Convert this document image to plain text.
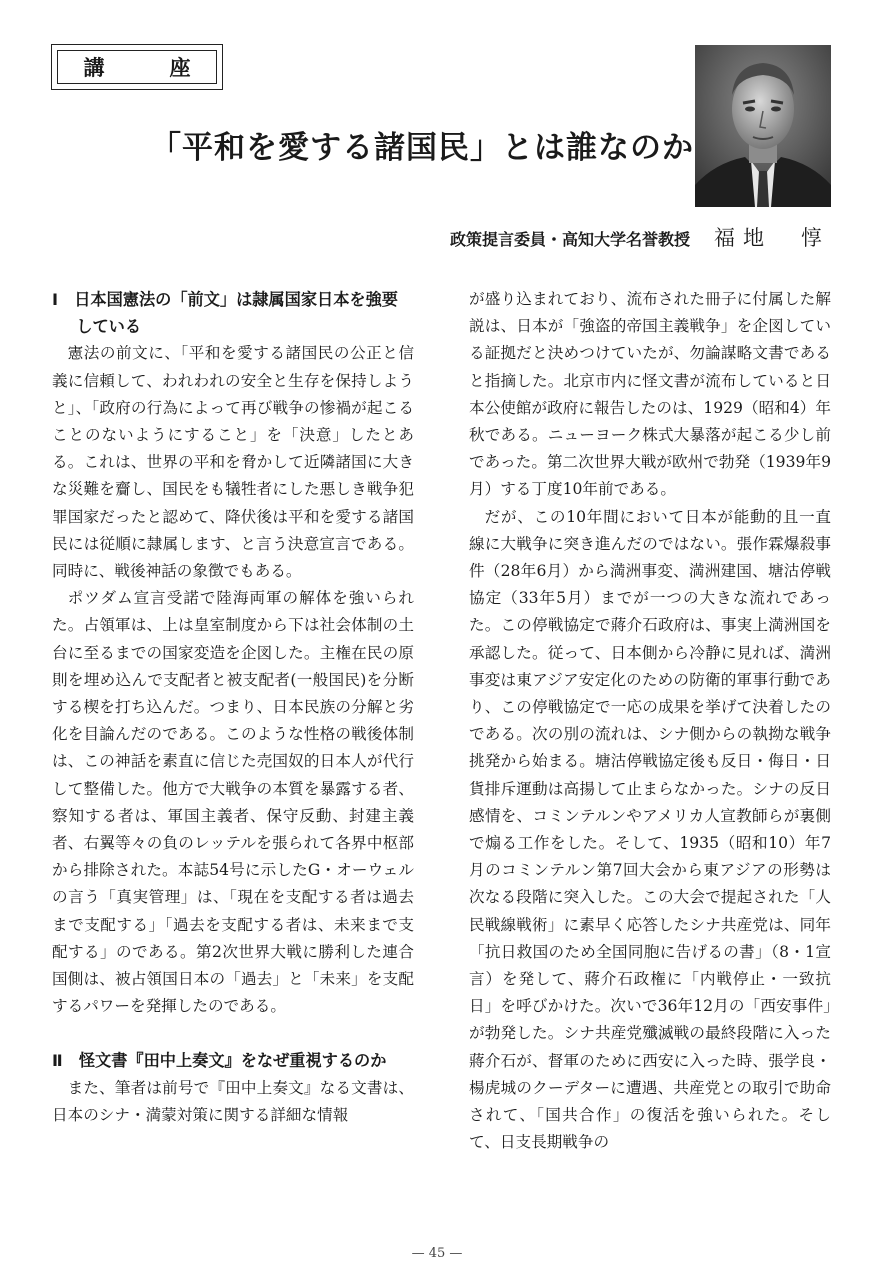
講　座
「平和を愛する諸国民」とは誰なのか
政策提言委員・高知大学名誉教授 福地　惇
Ⅰ　日本国憲法の「前文」は隷属国家日本を強要している

憲法の前文に、「平和を愛する諸国民の公正と信義に信頼して、われわれの安全と生存を保持しようと」、「政府の行為によって再び戦争の惨禍が起こることのないようにすること」を「決意」したとある。これは、世界の平和を脅かして近隣諸国に大きな災難を齎し、国民をも犠牲者にした悪しき戦争犯罪国家だったと認めて、降伏後は平和を愛する諸国民には従順に隷属します、と言う決意宣言である。同時に、戦後神話の象徴でもある。

ポツダム宣言受諾で陸海両軍の解体を強いられた。占領軍は、上は皇室制度から下は社会体制の土台に至るまでの国家変造を企図した。主権在民の原則を埋め込んで支配者と被支配者(一般国民)を分断する楔を打ち込んだ。つまり、日本民族の分解と劣化を目論んだのである。このような性格の戦後体制は、この神話を素直に信じた売国奴的日本人が代行して整備した。他方で大戦争の本質を暴露する者、察知する者は、軍国主義者、保守反動、封建主義者、右翼等々の負のレッテルを張られて各界中枢部から排除された。本誌54号に示したG・オーウェルの言う「真実管理」は、「現在を支配する者は過去まで支配する」「過去を支配する者は、未来まで支配する」のである。第2次世界大戦に勝利した連合国側は、被占領国日本の「過去」と「未来」を支配するパワーを発揮したのである。

Ⅱ　怪文書『田中上奏文』をなぜ重視するのか

また、筆者は前号で『田中上奏文』なる文書は、日本のシナ・満蒙対策に関する詳細な情報

が盛り込まれており、流布された冊子に付属した解説は、日本が「強盗的帝国主義戦争」を企図している証拠だと決めつけていたが、勿論謀略文書であると指摘した。北京市内に怪文書が流布していると日本公使館が政府に報告したのは、1929（昭和4）年秋である。ニューヨーク株式大暴落が起こる少し前であった。第二次世界大戦が欧州で勃発（1939年9月）する丁度10年前である。

だが、この10年間において日本が能動的且一直線に大戦争に突き進んだのではない。張作霖爆殺事件（28年6月）から満洲事変、満洲建国、塘沽停戦協定（33年5月）までが一つの大きな流れであった。この停戦協定で蔣介石政府は、事実上満洲国を承認した。従って、日本側から冷静に見れば、満洲事変は東アジア安定化のための防衛的軍事行動であり、この停戦協定で一応の成果を挙げて決着したのである。次の別の流れは、シナ側からの執拗な戦争挑発から始まる。塘沽停戦協定後も反日・侮日・日貨排斥運動は高揚して止まらなかった。シナの反日感情を、コミンテルンやアメリカ人宣教師らが裏側で煽る工作をした。そして、1935（昭和10）年7月のコミンテルン第7回大会から東アジアの形勢は次なる段階に突入した。この大会で提起された「人民戦線戦術」に素早く応答したシナ共産党は、同年「抗日救国のため全国同胞に告げるの書」（8・1宣言）を発して、蔣介石政権に「内戦停止・一致抗日」を呼びかけた。次いで36年12月の「西安事件」が勃発した。シナ共産党殲滅戦の最終段階に入った蔣介石が、督軍のために西安に入った時、張学良・楊虎城のクーデターに遭遇、共産党との取引で助命されて、「国共合作」の復活を強いられた。そして、日支長期戦争の

— 45 —
